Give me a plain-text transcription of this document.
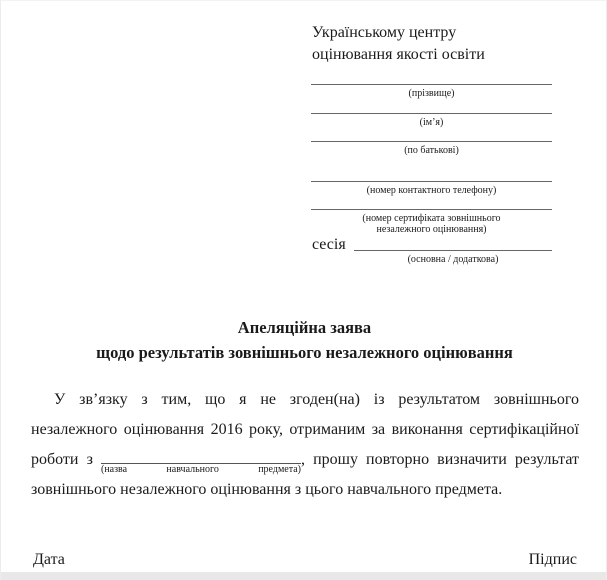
Українському центру
оцінювання якості освіти
(прізвище)
(ім’я)
(по батькові)
(номер контактного телефону)
(номер сертифіката зовнішнього незалежного оцінювання)
сесія
(основна / додаткова)
Апеляційна заява
щодо результатів зовнішнього незалежного оцінювання
У зв’язку з тим, що я не згоден(на) із результатом зовнішнього
незалежного оцінювання 2016 року, отриманим за виконання сертифікаційної
роботи з
(назва навчального предмета)
, прошу повторно визначити результат
зовнішнього незалежного оцінювання з цього навчального предмета.
Дата	Підпис
